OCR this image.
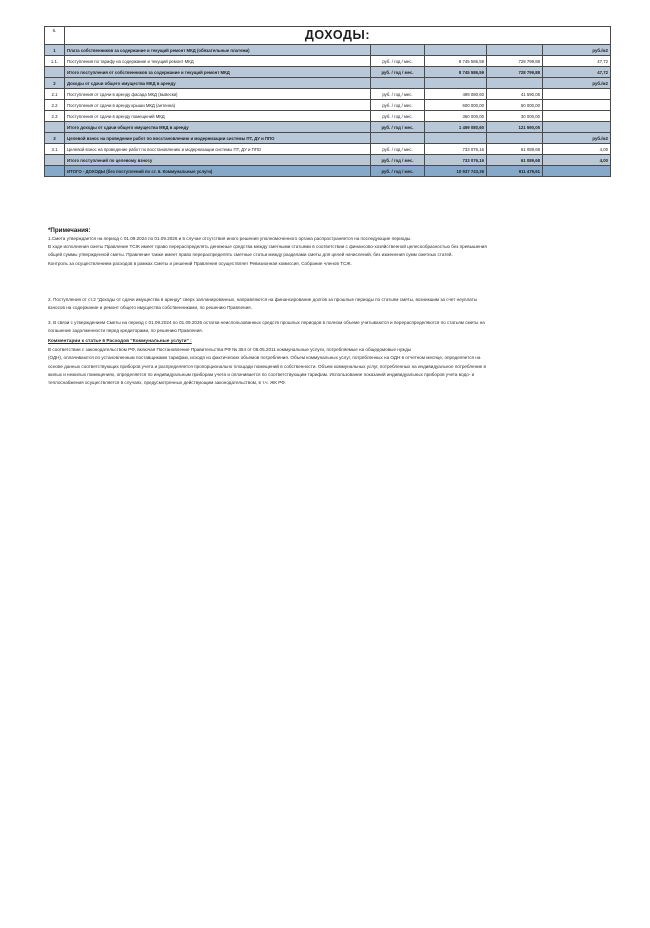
6.	ДОХОДЫ:				
1	Плата собственников за содержание и текущий ремонт МКД (обязательные платежи)				руб./м2
1.1.	Поступления по тарифу на содержание и текущий ремонт МКД	руб. / год / мес.	8 745 586,59	728 799,88	47,72
	Итого поступления от собственников за содержание и текущий ремонт МКД	руб. / год / мес.	8 745 586,59	728 799,88	47,72
2	Доходы от сдачи общего имущества МКД в аренду				руб./м2
2.1	Поступления от сдачи в аренду фасада МКД (вывески)	руб. / год / мес.	499 080,60	41 590,05	
2.2	Поступления от сдачи в аренду крыши МКД (антенна)	руб. / год / мес.	600 000,00	50 000,00	
2.3	Поступления от сдачи в аренду помещений МКД	руб. / год / мес.	360 000,00	30 000,00	
	Итого доходы от сдачи общего имущества МКД в аренду	руб. / год / мес.	1 459 080,60	121 590,05	
3	Целевой взнос на проведение работ по восстановлению и модернизации системы ПТ, ДУ и ППО				руб./м2
3.1	Целевой взнос на проведение работ по восстановлению и модернизации системы ПТ, ДУ и ППО	руб. / год / мес.	733 076,16	61 089,68	4,00
	Итого поступлений по целевому взносу	руб. / год / мес.	733 076,16	61 089,68	4,00
	ИТОГО - ДОХОДЫ (без поступлений по ст. 6. Коммунальные услуги)	руб. / год / мес.	10 937 743,35	911 479,61	

*Примечания:

1.Смета утверждается на период с 01.09.2024 по 01.09.2026 и в случае отсутствия иного решения уполномоченного органа распространяется на последующие периоды.

В ходе исполнения сметы Правление ТСЖ имеет право перераспределять денежные средства между сметными статьями в соответствии с финансово-хозяйственной целесообразностью без превышения

общей суммы утвержденной сметы. Правление также имеет право перераспределять сметные статьи между разделами сметы для целей начислений, без изменения сумм сметных статей.

Контроль за осуществлением расходов в рамках Сметы и решений Правления осуществляет Ревизионная комиссия, Собрание членов ТСЖ.

2. Поступления от ст.2 "Доходы от сдачи имущества в аренду" сверх запланированных, направляются на финансирование долгов за прошлые периоды по статьям сметы, возникшим за счет неуплаты

взносов на содержание и ремонт общего имущества собственниками, по решению Правления.

3. В связи с утверждением Сметы на период с 01.09.2024 по 01.09.2026 остатки неиспользованных средств прошлых периодов в полном объеме учитываются и перераспределяются по статьям сметы на

погашение задолженности перед кредиторами, по решению Правления.

Комментарии к статье 6 Расходов "Коммунальные услуги" :

В соответствии с законодательством РФ, включая Постановление Правительства РФ № 354 от 06.05.2011 коммунальные услуги, потребляемые на общедомовые нужды

(ОДН), оплачиваются по установленным поставщиками тарифам, исходя из фактических объемов потребления. Объем коммунальных услуг, потребленных на ОДН в отчетном месяце, определяется на

основе данных соответствующих приборов учета и распределяется пропорционально площади помещений в собственности. Объем коммунальных услуг, потребленных на индивидуальное потребление в

жилых и нежилых помещениях, определяется по индивидуальным приборам учета и оплачивается по соответствующим тарифам. Использование показаний индивидуальных приборов учета водо- и

теплоснабжения осуществляется в случаях, предусмотренных действующим законодательством, в т.ч. ЖК РФ.
